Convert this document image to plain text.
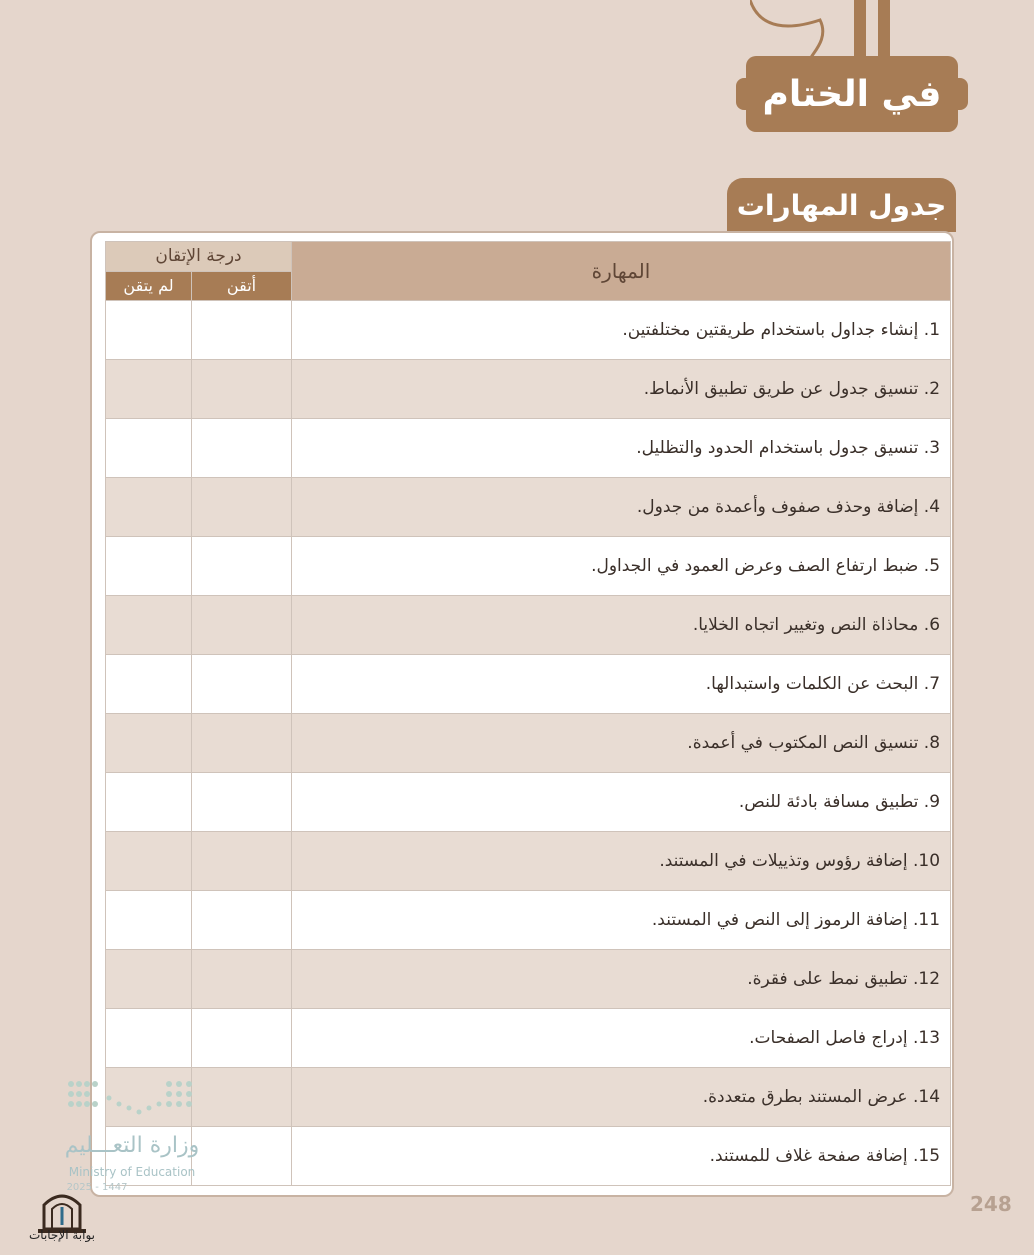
في الختام
جدول المهارات
المهارة	درجة الإتقان	
	أتقن	لم يتقن
1. إنشاء جداول باستخدام طريقتين مختلفتين.		
2. تنسيق جدول عن طريق تطبيق الأنماط.		
3. تنسيق جدول باستخدام الحدود والتظليل.		
4. إضافة وحذف صفوف وأعمدة من جدول.		
5. ضبط ارتفاع الصف وعرض العمود في الجداول.		
6. محاذاة النص وتغيير اتجاه الخلايا.		
7. البحث عن الكلمات واستبدالها.		
8. تنسيق النص المكتوب في أعمدة.		
9. تطبيق مسافة بادئة للنص.		
10. إضافة رؤوس وتذييلات في المستند.		
11. إضافة الرموز إلى النص في المستند.		
12. تطبيق نمط على فقرة.		
13. إدراج فاصل الصفحات.		
14. عرض المستند بطرق متعددة.		
15. إضافة صفحة غلاف للمستند.		
وزارة التعـــليم
Ministry of Education
2025 - 1447
بوابة الإجابات
248
